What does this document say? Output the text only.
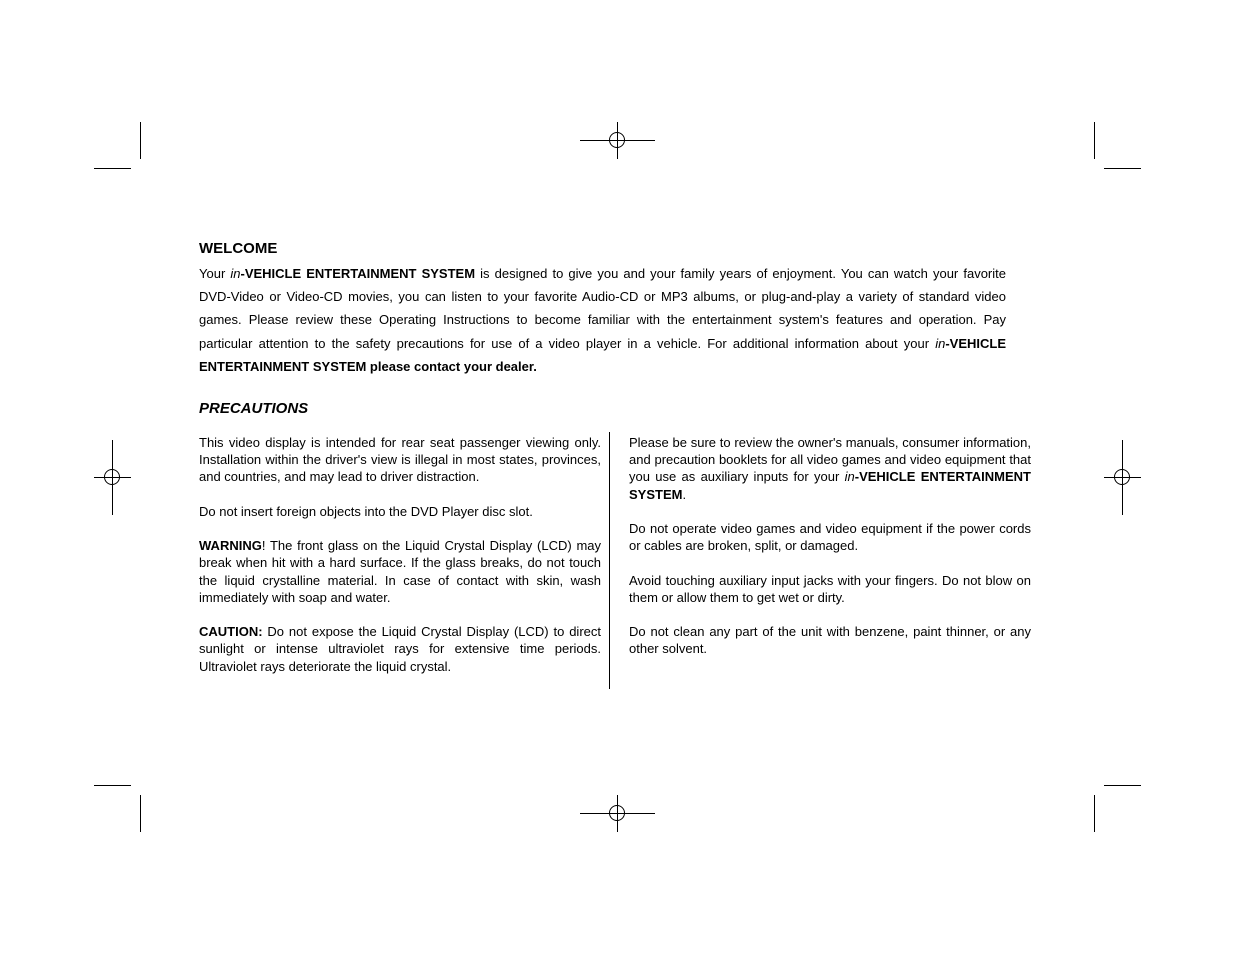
WELCOME

Your in-VEHICLE ENTERTAINMENT SYSTEM is designed to give you and your family years of enjoyment. You can watch your favorite DVD-Video or Video-CD movies, you can listen to your favorite Audio-CD or MP3 albums, or plug-and-play a variety of standard video games. Please review these Operating Instructions to become familiar with the entertainment system's features and operation. Pay particular attention to the safety precautions for use of a video player in a vehicle. For additional information about your in-VEHICLE ENTERTAINMENT SYSTEM please contact your dealer.

PRECAUTIONS

This video display is intended for rear seat passenger viewing only. Installation within the driver's view is illegal in most states, provinces, and countries, and may lead to driver distraction.

Do not insert foreign objects into the DVD Player disc slot.

WARNING! The front glass on the Liquid Crystal Display (LCD) may break when hit with a hard surface. If the glass breaks, do not touch the liquid crystalline material. In case of contact with skin, wash immediately with soap and water.

CAUTION: Do not expose the Liquid Crystal Display (LCD) to direct sunlight or intense ultraviolet rays for extensive time periods. Ultraviolet rays deteriorate the liquid crystal.

Please be sure to review the owner's manuals, consumer information, and precaution booklets for all video games and video equipment that you use as auxiliary inputs for your in-VEHICLE ENTERTAINMENT SYSTEM.

Do not operate video games and video equipment if the power cords or cables are broken, split, or damaged.

Avoid touching auxiliary input jacks with your fingers. Do not blow on them or allow them to get wet or dirty.

Do not clean any part of the unit with benzene, paint thinner, or any other solvent.
